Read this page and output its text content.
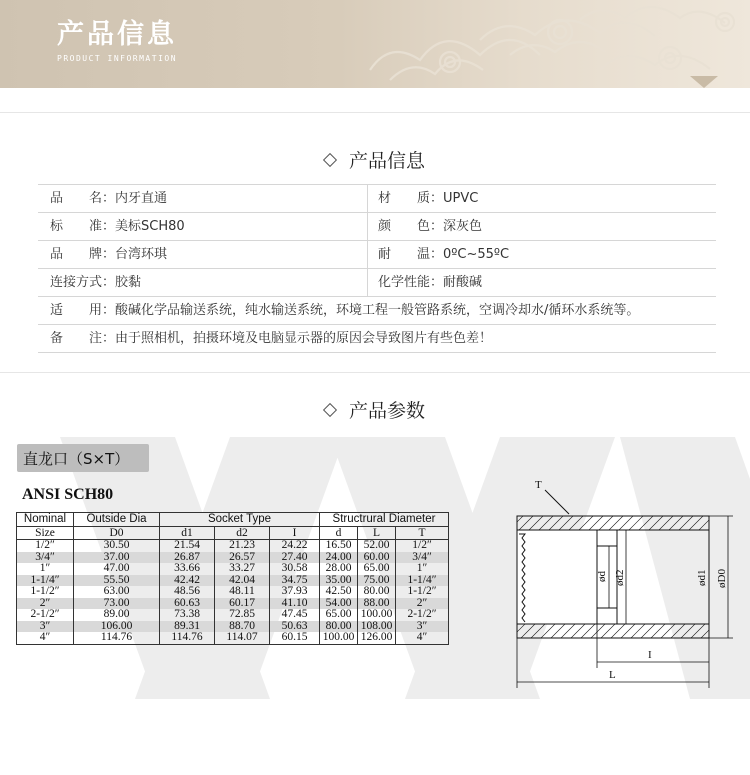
产品信息
PRODUCT INFORMATION
产品信息
品　　名：内牙直通	材　　质：UPVC
标　　准：美标SCH80	颜　　色：深灰色
品　　牌：台湾环琪	耐　　温：0ºC~55ºC
连接方式：胶黏	化学性能：耐酸碱
适　　用：酸碱化学品输送系统，纯水输送系统，环境工程一般管路系统，空调冷却水/循环水系统等。
备　　注：由于照相机，拍摄环境及电脑显示器的原因会导致图片有些色差！
产品参数
直龙口（S×T）
ANSI SCH80
Nominal	Outside Dia	Socket Type			Structrural Diameter		
Size	D0	d1	d2	I	d	L	T
1/2″	30.50	21.54	21.23	24.22	16.50	52.00	1/2″
3/4″	37.00	26.87	26.57	27.40	24.00	60.00	3/4″
1″	47.00	33.66	33.27	30.58	28.00	65.00	1″
1-1/4″	55.50	42.42	42.04	34.75	35.00	75.00	1-1/4″
1-1/2″	63.00	48.56	48.11	37.93	42.50	80.00	1-1/2″
2″	73.00	60.63	60.17	41.10	54.00	88.00	2″
2-1/2″	89.00	73.38	72.85	47.45	65.00	100.00	2-1/2″
3″	106.00	89.31	88.70	50.63	80.00	108.00	3″
4″	114.76	114.76	114.07	60.15	100.00	126.00	4″
T
ød ød2	ød1 øD0
I
L
